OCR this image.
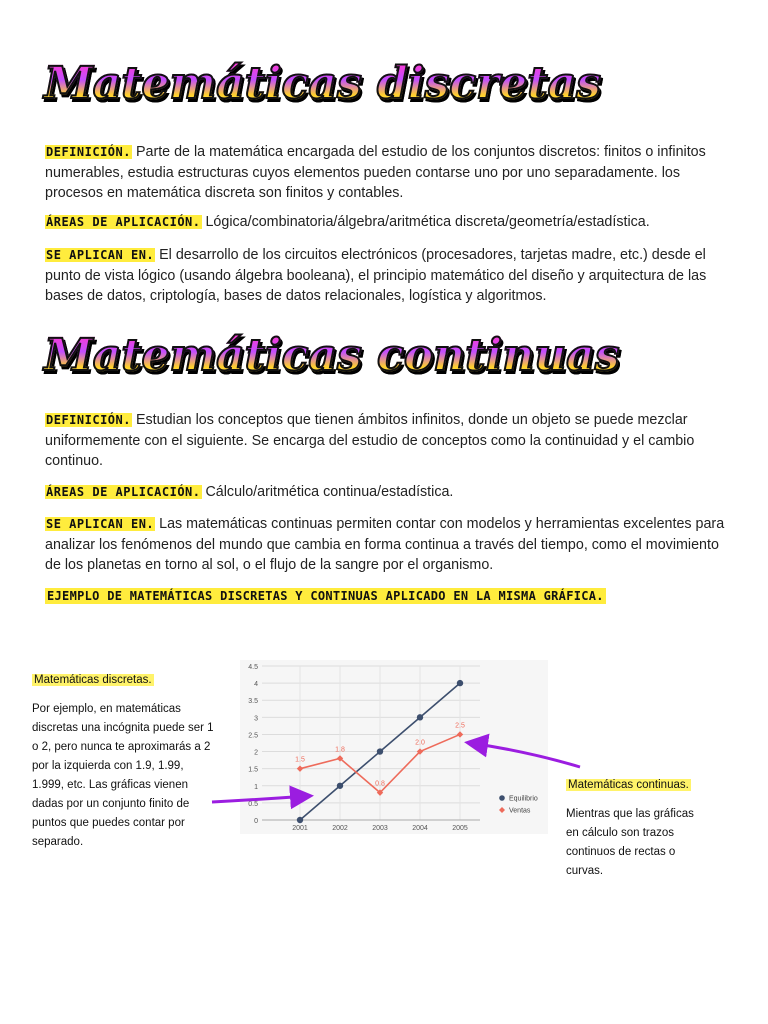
Matemáticas discretas
DEFINICIÓN. Parte de la matemática encargada del estudio de los conjuntos discretos: finitos o infinitos numerables, estudia estructuras cuyos elementos pueden contarse uno por uno separadamente. los procesos en matemática discreta son finitos y contables.
ÁREAS DE APLICACIÓN. Lógica/combinatoria/álgebra/aritmética discreta/geometría/estadística.
SE APLICAN EN. El desarrollo de los circuitos electrónicos (procesadores, tarjetas madre, etc.) desde el punto de vista lógico (usando álgebra booleana), el principio matemático del diseño y arquitectura de las bases de datos, criptología, bases de datos relacionales, logística y algoritmos.
Matemáticas continuas
DEFINICIÓN. Estudian los conceptos que tienen ámbitos infinitos, donde un objeto se puede mezclar uniformemente con el siguiente. Se encarga del estudio de conceptos como la continuidad y el cambio continuo.
ÁREAS DE APLICACIÓN. Cálculo/aritmética continua/estadística.
SE APLICAN EN. Las matemáticas continuas permiten contar con modelos y herramientas excelentes para analizar los fenómenos del mundo que cambia en forma continua a través del tiempo, como el movimiento de los planetas en torno al sol, o el flujo de la sangre por el organismo.
EJEMPLO DE MATEMÁTICAS DISCRETAS Y CONTINUAS APLICADO EN LA MISMA GRÁFICA.
Matemáticas discretas.
Por ejemplo, en matemáticas
discretas una incógnita puede ser 1
o 2, pero nunca te aproximarás a 2
por la izquierda con 1.9, 1.99,
1.999, etc. Las gráficas vienen
dadas por un conjunto finito de
puntos que puedes contar por
separado.
Matemáticas continuas.
Mientras que las gráficas
en cálculo son trazos
continuos de rectas o
curvas.
0
0.5
1
1.5
2
2.5
3
3.5
4
4.5
2001	2002	2003	2004	2005
1.5
1.8
0.8
2.0
2.5
Equilibrio
Ventas
